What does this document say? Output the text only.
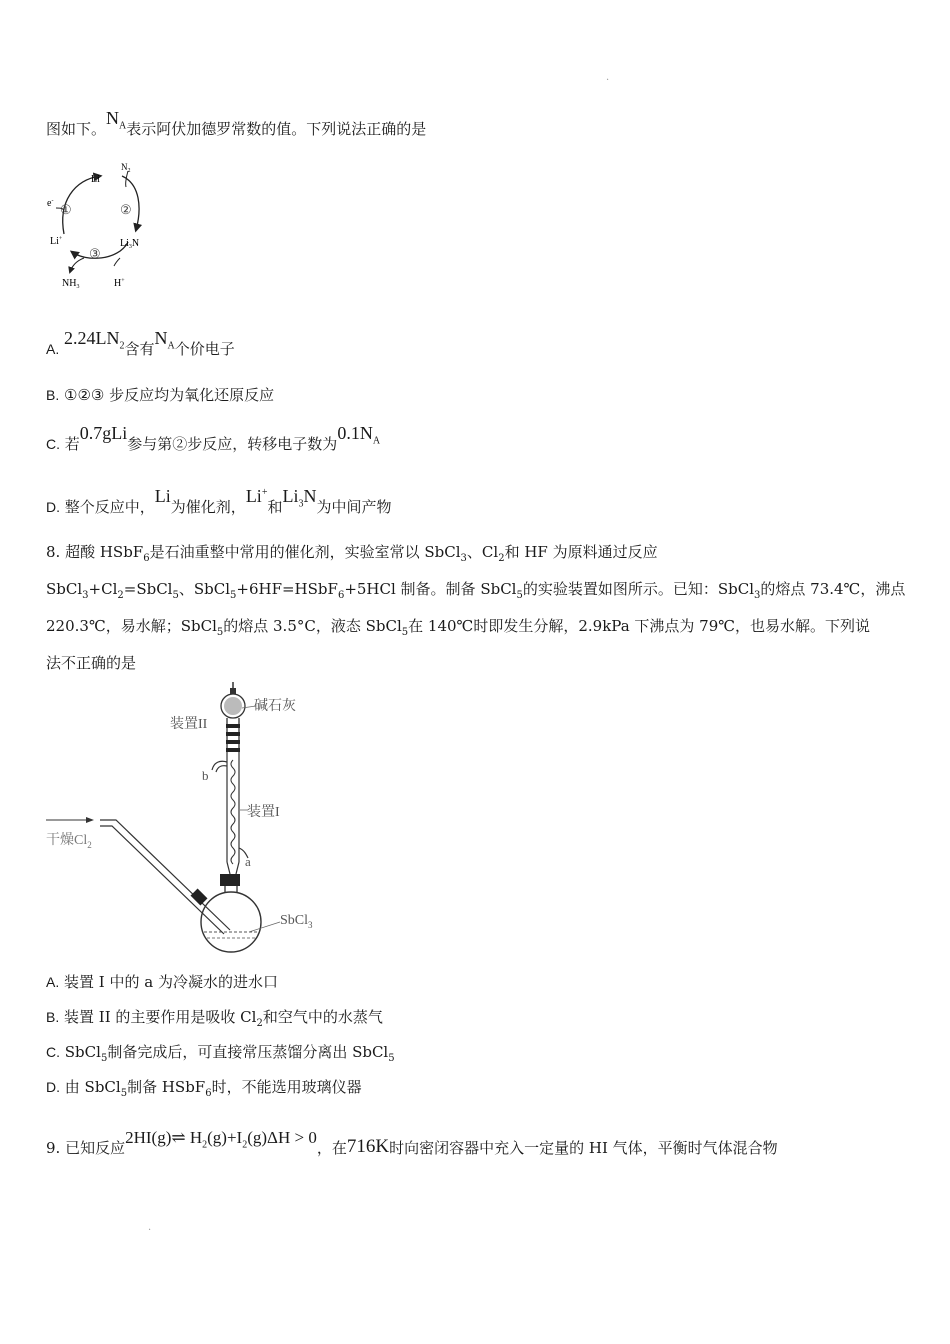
.
.
图如下。$N_A$表示阿伏加德罗常数的值。下列说法正确的是
Li
$N_2$
$Li_3N$
Li+
e-
①	②
③
$NH_3$	H+
A. $2.24LN_2$含有$N_A$个价电子
B. ①②③ 步反应均为氧化还原反应
C. 若0.7gLi参与第②步反应，转移电子数为$0.1N_A$
D. 整个反应中，Li为催化剂，Li+和$Li_3N$为中间产物
8. 超酸 HSbF$_6$是石油重整中常用的催化剂，实验室常以 SbCl$_3$、$Cl_2$和 HF 为原料通过反应
$SbCl_3+Cl_2=SbCl_5$、SbCl$_5$+6HF=HSbF$_6$+5HCl 制备。制备 SbCl$_5$的实验装置如图所示。已知：SbCl$_3$的熔点 73.4℃，沸点
220.3℃，易水解；SbCl$_5$的熔点 3.5°C，液态 SbCl$_5$在 140℃时即发生分解，2.9kPa 下沸点为 79℃，也易水解。下列说
法不正确的是
碱石灰
装置II
b
装置I
干燥$Cl_2$
a
SbCl$_3$
A. 装置 I 中的 a 为冷凝水的进水口
B. 装置 II 的主要作用是吸收 $Cl_2$和空气中的水蒸气
C. SbCl$_5$制备完成后，可直接常压蒸馏分离出 SbCl$_5$
D. 由 SbCl$_5$制备 HSbF$_6$时，不能选用玻璃仪器
9. 已知反应2HI(g)⇌ $H_2(g)+I_2(g)\Delta H > 0$，在716K时向密闭容器中充入一定量的 HI 气体，平衡时气体混合物
